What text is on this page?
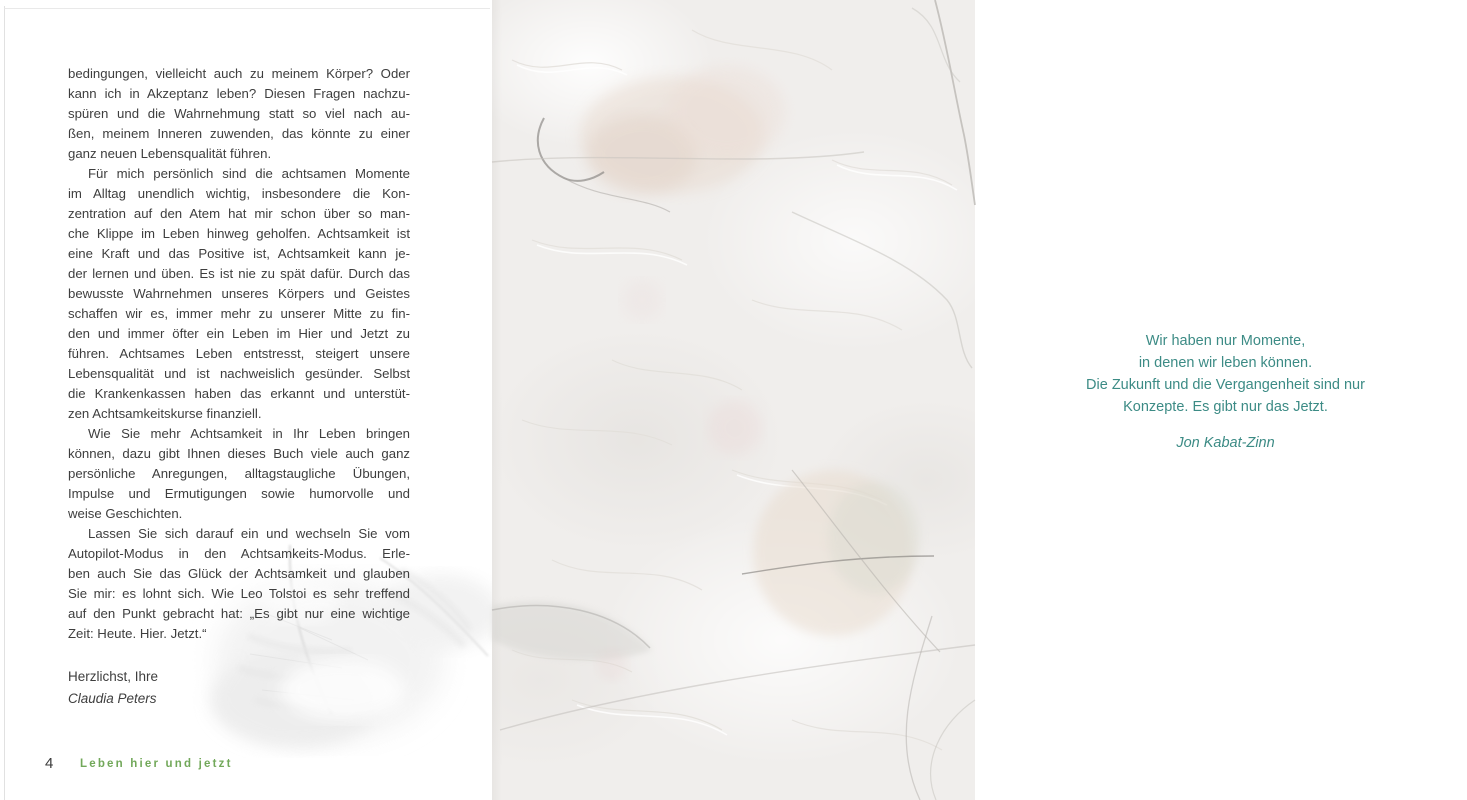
bedingungen, vielleicht auch zu meinem Körper? Oder
kann ich in Akzeptanz leben? Diesen Fragen nachzu-
spüren und die Wahrnehmung statt so viel nach au-
ßen, meinem Inneren zuwenden, das könnte zu einer
ganz neuen Lebensqualität führen.
Für mich persönlich sind die achtsamen Momente
im Alltag unendlich wichtig, insbesondere die Kon-
zentration auf den Atem hat mir schon über so man-
che Klippe im Leben hinweg geholfen. Achtsamkeit ist
eine Kraft und das Positive ist, Achtsamkeit kann je-
der lernen und üben. Es ist nie zu spät dafür. Durch das
bewusste Wahrnehmen unseres Körpers und Geistes
schaffen wir es, immer mehr zu unserer Mitte zu fin-
den und immer öfter ein Leben im Hier und Jetzt zu
führen. Achtsames Leben entstresst, steigert unsere
Lebensqualität und ist nachweislich gesünder. Selbst
die Krankenkassen haben das erkannt und unterstüt-
zen Achtsamkeitskurse finanziell.
Wie Sie mehr Achtsamkeit in Ihr Leben bringen
können, dazu gibt Ihnen dieses Buch viele auch ganz
persönliche Anregungen, alltagstaugliche Übungen,
Impulse und Ermutigungen sowie humorvolle und
weise Geschichten.
Lassen Sie sich darauf ein und wechseln Sie vom
Autopilot-Modus in den Achtsamkeits-Modus. Erle-
ben auch Sie das Glück der Achtsamkeit und glauben
Sie mir: es lohnt sich. Wie Leo Tolstoi es sehr treffend
auf den Punkt gebracht hat: „Es gibt nur eine wichtige
Zeit: Heute. Hier. Jetzt.“
Herzlichst, Ihre
Claudia Peters
4 Leben hier und jetzt
Wir haben nur Momente,
in denen wir leben können.
Die Zukunft und die Vergangenheit sind nur
Konzepte. Es gibt nur das Jetzt.
Jon Kabat-Zinn
